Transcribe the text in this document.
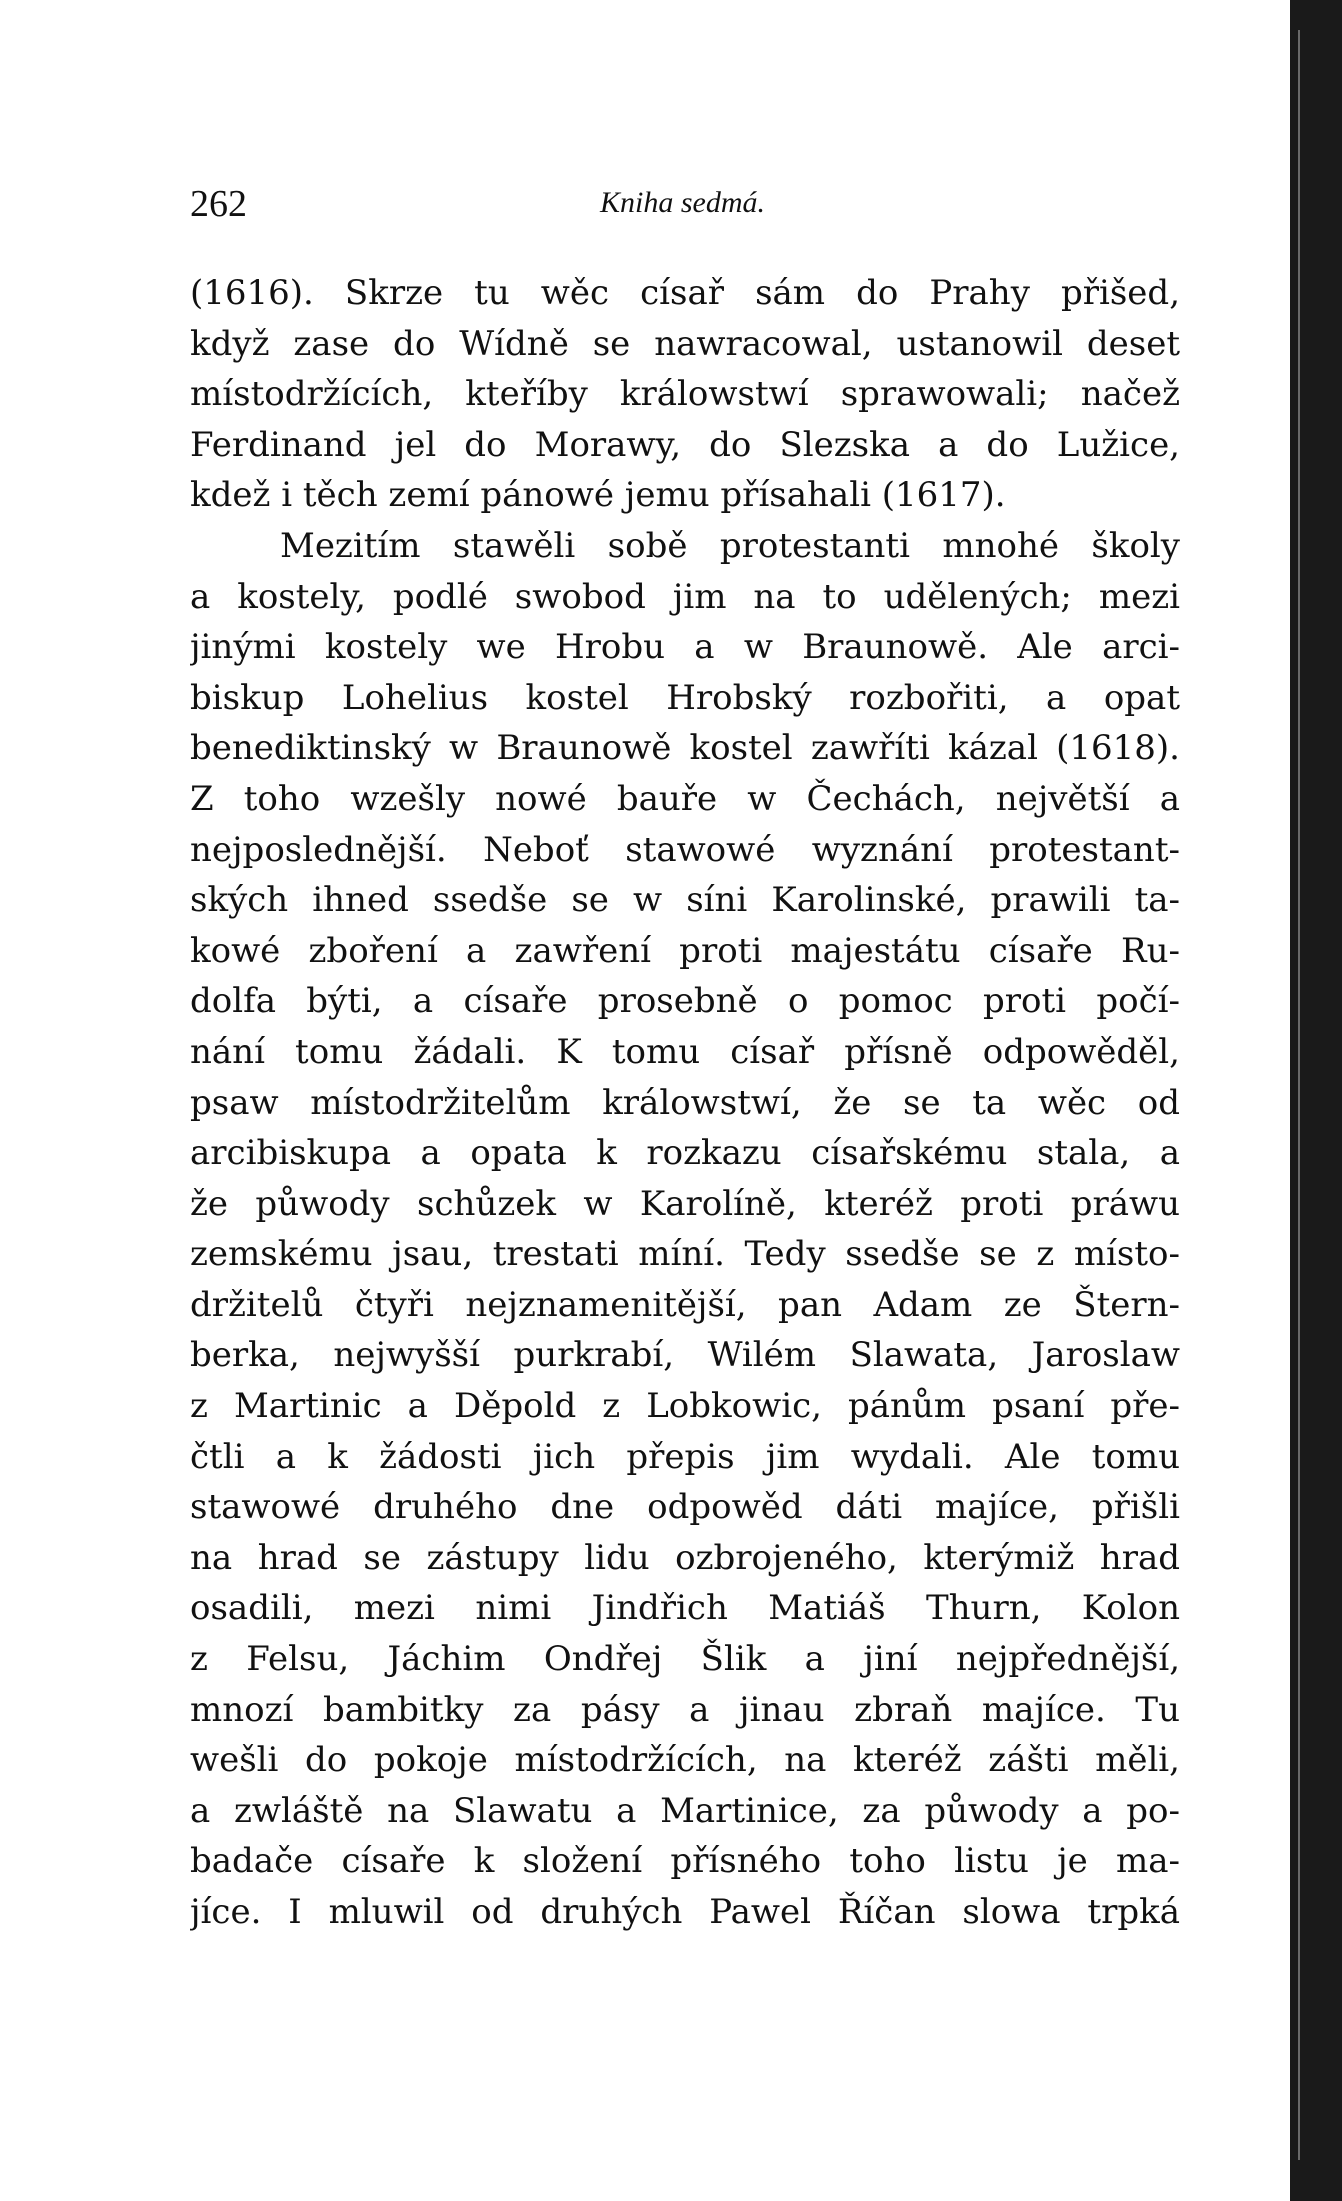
262	Kniha sedmá.
(1616). Skrze tu wěc císař sám do Prahy přišed,
když zase do Wídně se nawracowal, ustanowil deset
místodržících, kteříby králowstwí sprawowali; načež
Ferdinand jel do Morawy, do Slezska a do Lužice,
kdež i těch zemí pánowé jemu přísahali (1617).
Mezitím stawěli sobě protestanti mnohé školy
a kostely, podlé swobod jim na to udělených; mezi
jinými kostely we Hrobu a w Braunowě. Ale arci-
biskup Lohelius kostel Hrobský rozbořiti, a opat
benediktinský w Braunowě kostel zawříti kázal (1618).
Z toho wzešly nowé bauře w Čechách, největší a
nejposlednější. Neboť stawowé wyznání protestant-
ských ihned ssedše se w síni Karolinské, prawili ta-
kowé zboření a zawření proti majestátu císaře Ru-
dolfa býti, a císaře prosebně o pomoc proti počí-
nání tomu žádali. K tomu císař přísně odpowěděl,
psaw místodržitelům králowstwí, že se ta wěc od
arcibiskupa a opata k rozkazu císařskému stala, a
že půwody schůzek w Karolíně, kteréž proti práwu
zemskému jsau, trestati míní. Tedy ssedše se z místo-
držitelů čtyři nejznamenitější, pan Adam ze Štern-
berka, nejwyšší purkrabí, Wilém Slawata, Jaroslaw
z Martinic a Děpold z Lobkowic, pánům psaní pře-
čtli a k žádosti jich přepis jim wydali. Ale tomu
stawowé druhého dne odpowěd dáti majíce, přišli
na hrad se zástupy lidu ozbrojeného, kterýmiž hrad
osadili, mezi nimi Jindřich Matiáš Thurn, Kolon
z Felsu, Jáchim Ondřej Šlik a jiní nejpřednější,
mnozí bambitky za pásy a jinau zbraň majíce. Tu
wešli do pokoje místodržících, na kteréž zášti měli,
a zwláště na Slawatu a Martinice, za půwody a po-
badače císaře k složení přísného toho listu je ma-
jíce. I mluwil od druhých Pawel Říčan slowa trpká
